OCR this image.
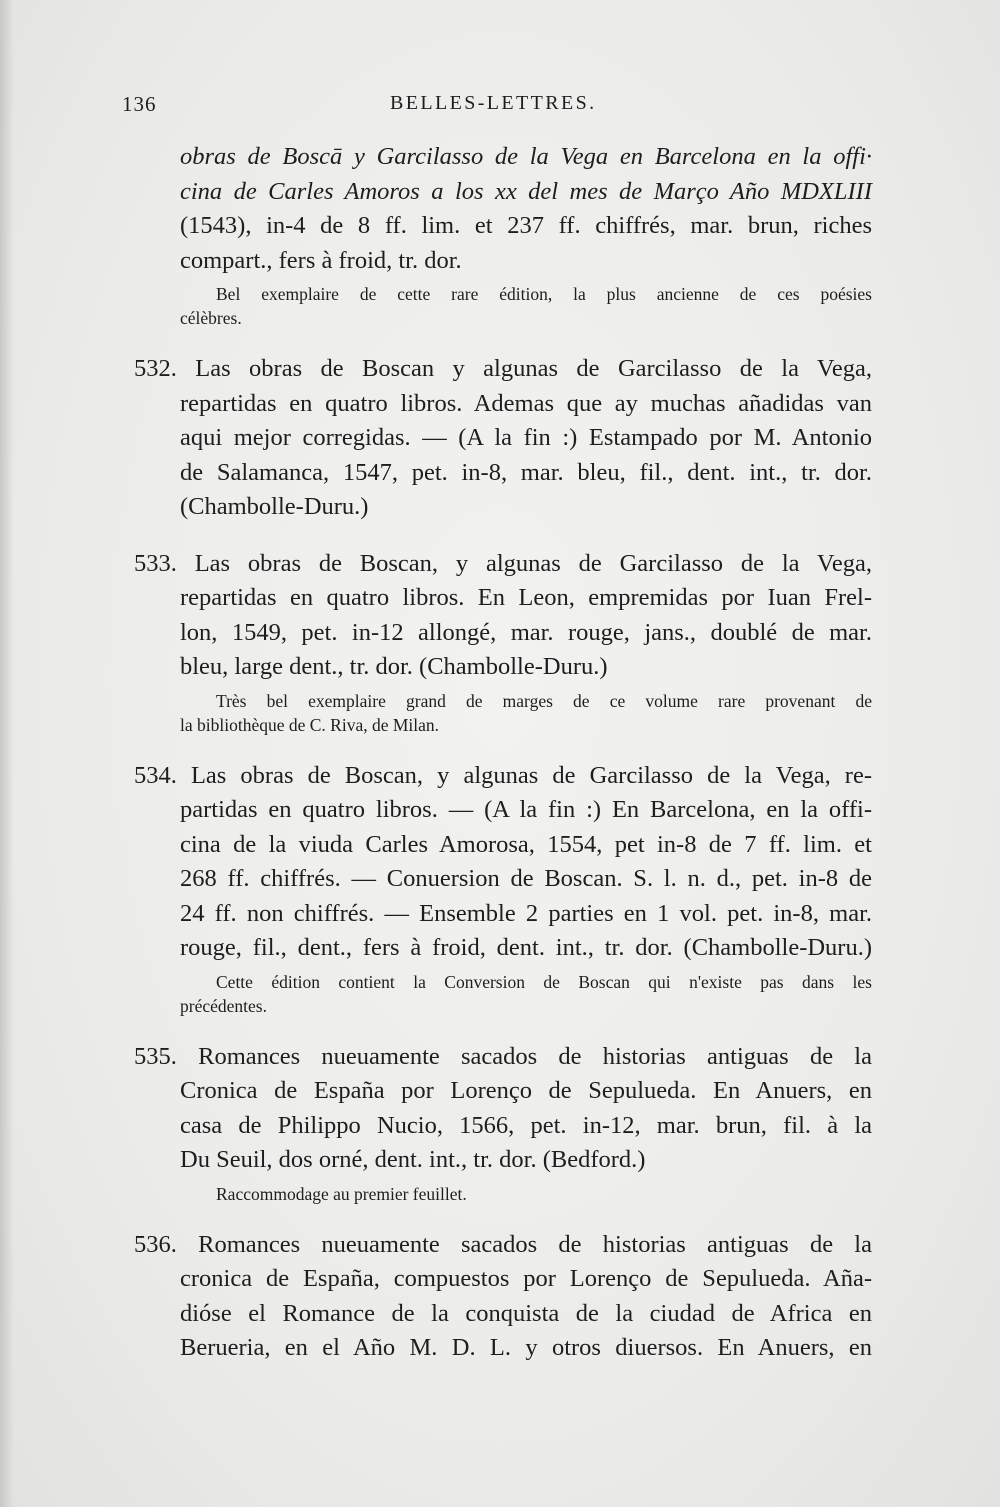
136	BELLES-LETTRES.
obras de Boscā y Garcilasso de la Vega en Barcelona en la offi·
cina de Carles Amoros a los xx del mes de Março Año MDXLIII
(1543), in-4 de 8 ff. lim. et 237 ff. chiffrés, mar. brun, riches
compart., fers à froid, tr. dor.
Bel exemplaire de cette rare édition, la plus ancienne de ces poésies
célèbres.
532. Las obras de Boscan y algunas de Garcilasso de la Vega,
repartidas en quatro libros. Ademas que ay muchas añadidas van
aqui mejor corregidas. — (A la fin :) Estampado por M. Antonio
de Salamanca, 1547, pet. in-8, mar. bleu, fil., dent. int., tr. dor.
(Chambolle-Duru.)
533. Las obras de Boscan, y algunas de Garcilasso de la Vega,
repartidas en quatro libros. En Leon, empremidas por Iuan Frel-
lon, 1549, pet. in-12 allongé, mar. rouge, jans., doublé de mar.
bleu, large dent., tr. dor. (Chambolle-Duru.)
Très bel exemplaire grand de marges de ce volume rare provenant de
la bibliothèque de C. Riva, de Milan.
534. Las obras de Boscan, y algunas de Garcilasso de la Vega, re-
partidas en quatro libros. — (A la fin :) En Barcelona, en la offi-
cina de la viuda Carles Amorosa, 1554, pet in-8 de 7 ff. lim. et
268 ff. chiffrés. — Conuersion de Boscan. S. l. n. d., pet. in-8 de
24 ff. non chiffrés. — Ensemble 2 parties en 1 vol. pet. in-8, mar.
rouge, fil., dent., fers à froid, dent. int., tr. dor. (Chambolle-Duru.)
Cette édition contient la Conversion de Boscan qui n'existe pas dans les
précédentes.
535. Romances nueuamente sacados de historias antiguas de la
Cronica de España por Lorenço de Sepulueda. En Anuers, en
casa de Philippo Nucio, 1566, pet. in-12, mar. brun, fil. à la
Du Seuil, dos orné, dent. int., tr. dor. (Bedford.)
Raccommodage au premier feuillet.
536. Romances nueuamente sacados de historias antiguas de la
cronica de España, compuestos por Lorenço de Sepulueda. Aña-
dióse el Romance de la conquista de la ciudad de Africa en
Berueria, en el Año M. D. L. y otros diuersos. En Anuers, en
